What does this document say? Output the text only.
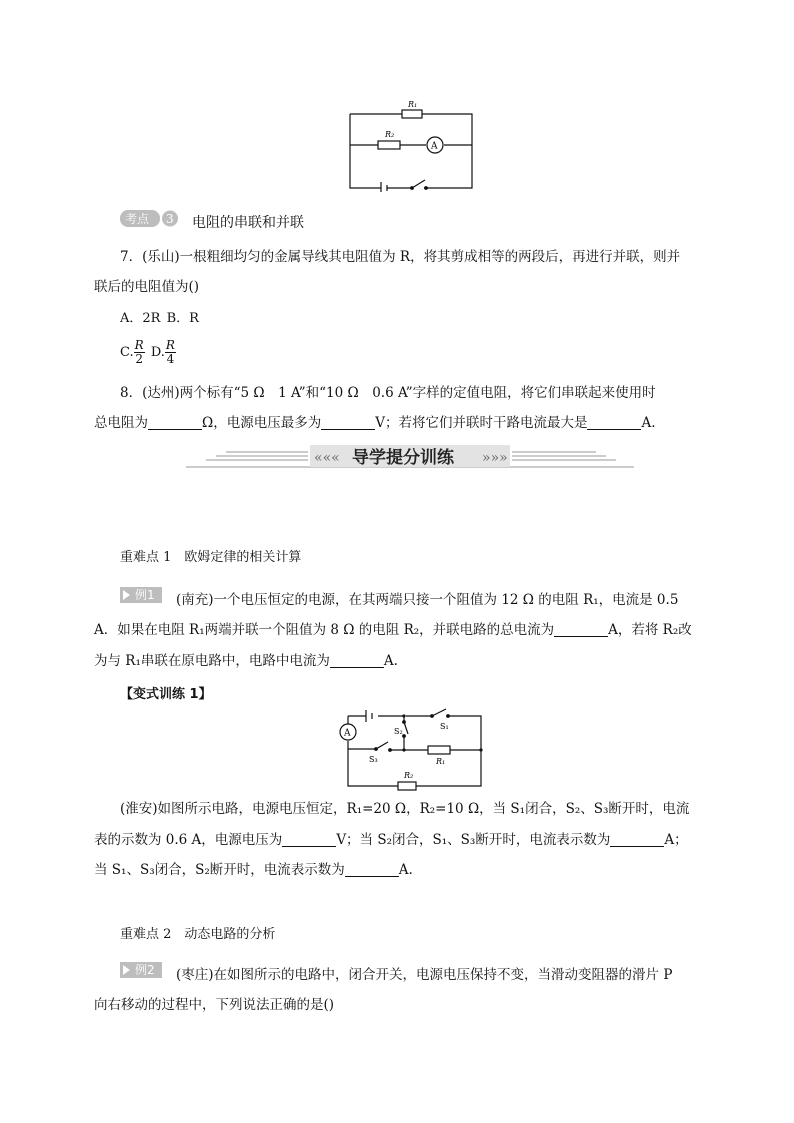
R₁
R₂
A
考点 3 电阻的串联和并联
7．(乐山)一根粗细均匀的金属导线其电阻值为 R，将其剪成相等的两段后，再进行并联，则并
联后的电阻值为()
A．2R B．R
C. $\frac{R}{2} D$. $\frac{R}{4}$
8．(达州)两个标有“5 Ω　1 A”和“10 Ω　0.6 A”字样的定值电阻，将它们串联起来使用时
总电阻为	Ω，电源电压最多为	V；若将它们并联时干路电流最大是	A.
««« 导学提分训练 »»»
重难点 1　欧姆定律的相关计算
例1 (南充)一个电压恒定的电源，在其两端只接一个阻值为 12 Ω 的电阻 R₁，电流是 0.5
A．如果在电阻 R₁两端并联一个阻值为 8 Ω 的电阻 R₂，并联电路的总电流为	A，若将 R₂改
为与 R₁串联在原电路中，电路中电流为	A.
【变式训练 1】
A
S₁
S₂
S₃	R₁
R₂
(淮安)如图所示电路，电源电压恒定，R₁=20 Ω，R₂=10 Ω，当 S₁闭合，S₂、S₃断开时，电流
表的示数为 0.6 A，电源电压为	V；当 S₂闭合，S₁、S₃断开时，电流表示数为	A；
当 S₁、S₃闭合，S₂断开时，电流表示数为	A.
重难点 2　动态电路的分析
例2 (枣庄)在如图所示的电路中，闭合开关，电源电压保持不变，当滑动变阻器的滑片 P
向右移动的过程中，下列说法正确的是()
